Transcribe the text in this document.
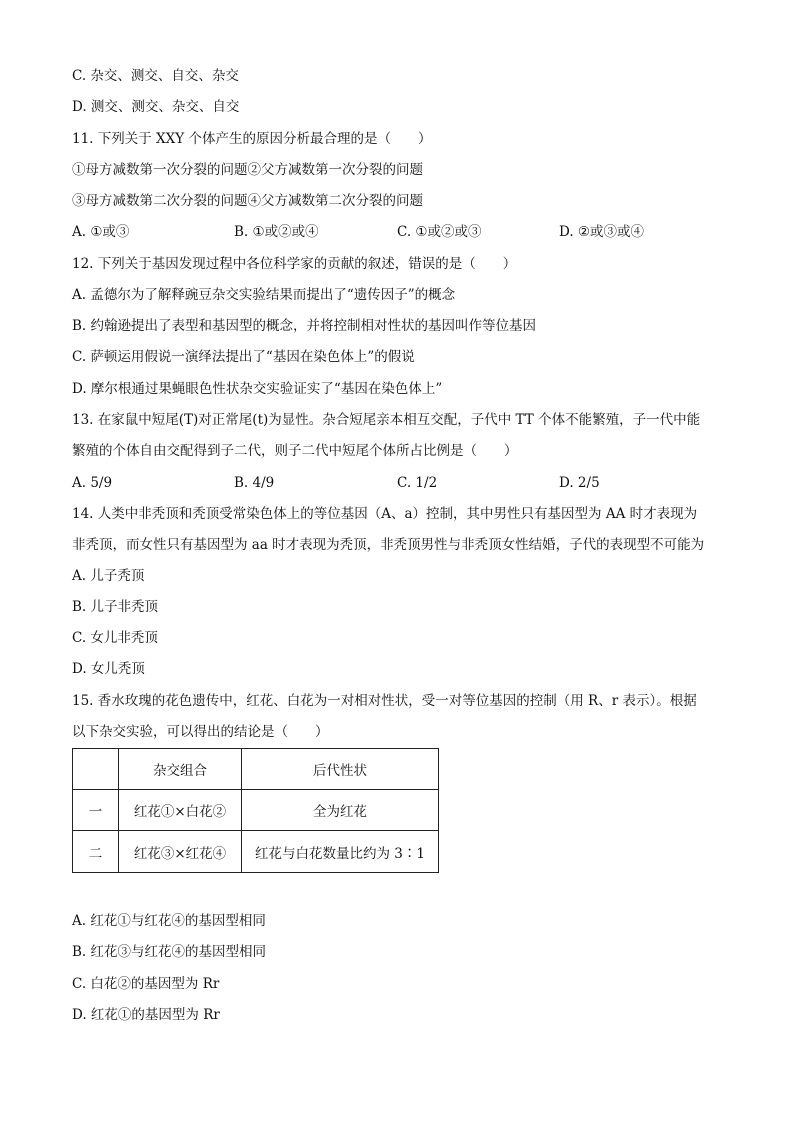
C. 杂交、测交、自交、杂交
D. 测交、测交、杂交、自交
11. 下列关于 XXY 个体产生的原因分析最合理的是（　　）
①母方减数第一次分裂的问题②父方减数第一次分裂的问题
③母方减数第二次分裂的问题④父方减数第二次分裂的问题
A. ①或③	B. ①或②或④	C. ①或②或③	D. ②或③或④
12. 下列关于基因发现过程中各位科学家的贡献的叙述，错误的是（　　）
A. 孟德尔为了解释豌豆杂交实验结果而提出了“遗传因子”的概念
B. 约翰逊提出了表型和基因型的概念，并将控制相对性状的基因叫作等位基因
C. 萨顿运用假说一演绎法提出了“基因在染色体上”的假说
D. 摩尔根通过果蝇眼色性状杂交实验证实了“基因在染色体上”
13. 在家鼠中短尾(T)对正常尾(t)为显性。杂合短尾亲本相互交配，子代中 TT 个体不能繁殖，子一代中能
繁殖的个体自由交配得到子二代，则子二代中短尾个体所占比例是（　　）
A. 5/9	B. 4/9	C. 1/2	D. 2/5
14. 人类中非秃顶和秃顶受常染色体上的等位基因（A、a）控制，其中男性只有基因型为 AA 时才表现为
非秃顶，而女性只有基因型为 aa 时才表现为秃顶，非秃顶男性与非秃顶女性结婚，子代的表现型不可能为
A. 儿子秃顶
B. 儿子非秃顶
C. 女儿非秃顶
D. 女儿秃顶
15. 香水玫瑰的花色遗传中，红花、白花为一对相对性状，受一对等位基因的控制（用 R、r 表示）。根据
以下杂交实验，可以得出的结论是（　　）
	杂交组合	后代性状
一	红花①×白花②	全为红花
二	红花③×红花④	红花与白花数量比约为 3∶1
A. 红花①与红花④的基因型相同
B. 红花③与红花④的基因型相同
C. 白花②的基因型为 Rr
D. 红花①的基因型为 Rr
